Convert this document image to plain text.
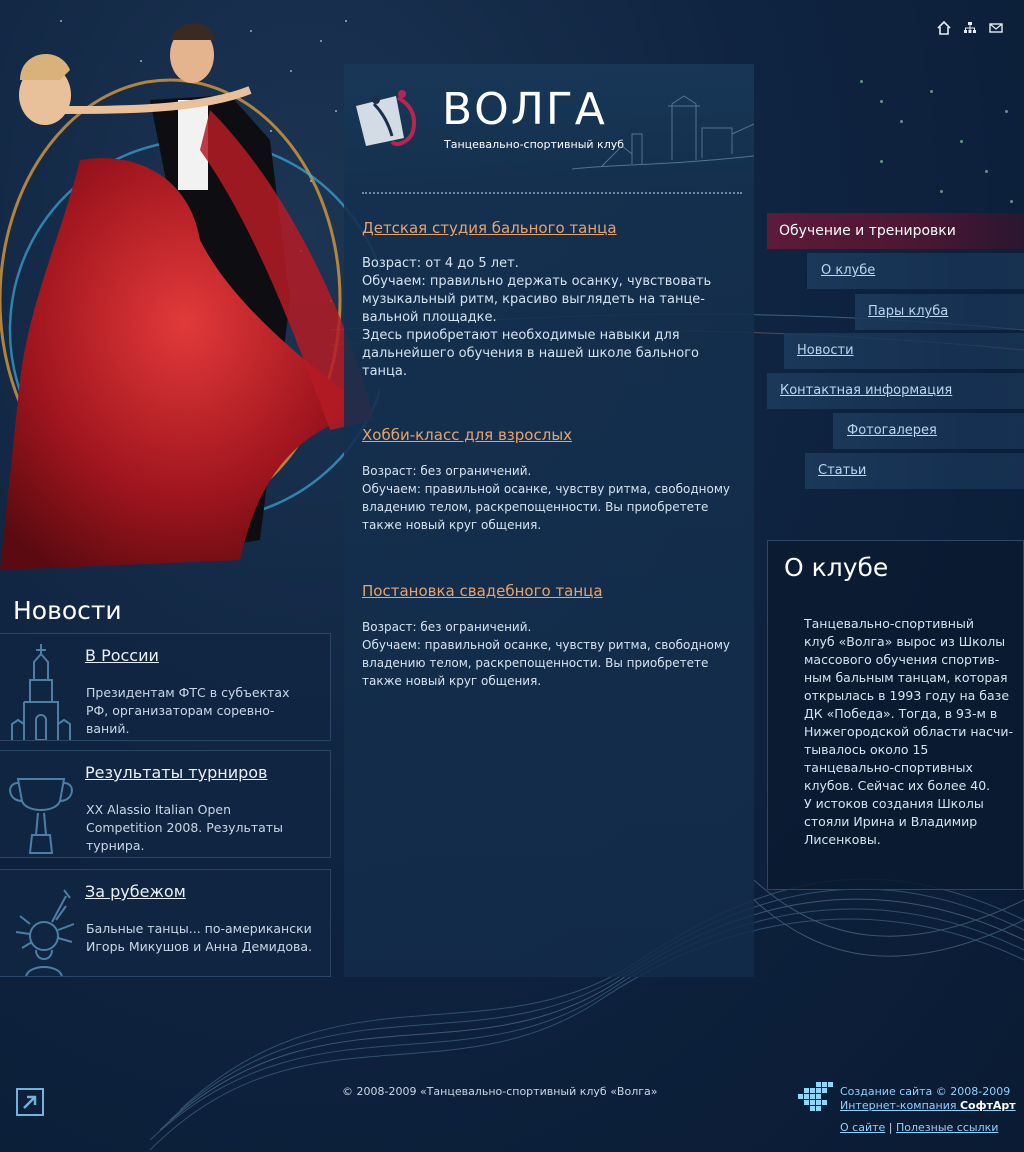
ВОЛГА
Танцевально-спортивный клуб
Детская студия бального танца

Возраст: от 4 до 5 лет.
Обучаем: правильно держать осанку, чувствовать
музыкальный ритм, красиво выглядеть на танце-
вальной площадке.
Здесь приобретают необходимые навыки для
дальнейшего обучения в нашей школе бального
танца.

Хобби-класс для взрослых

Возраст: без ограничений.
Обучаем: правильной осанке, чувству ритма, свободному
владению телом, раскрепощенности. Вы приобретете
также новый круг общения.

Постановка свадебного танца

Возраст: без ограничений.
Обучаем: правильной осанке, чувству ритма, свободному
владению телом, раскрепощенности. Вы приобретете
также новый круг общения.

Обучение и тренировки
О клубе
Пары клуба
Новости
Контактная информация
Фотогалерея
Статьи
О клубе

Танцевально-спортивный
клуб «Волга» вырос из Школы
массового обучения спортив-
ным бальным танцам, которая
открылась в 1993 году на базе
ДК «Победа». Тогда, в 93-м в
Нижегородской области насчи-
тывалось около 15
танцевально-спортивных
клубов. Сейчас их более 40.
У истоков создания Школы
стояли Ирина и Владимир
Лисенковы.

Новости
В России
Президентам ФТС в субъектах
РФ, организаторам соревно-
ваний.
Результаты турниров
XX Alassio Italian Open
Competition 2008. Результаты
турнира.
За рубежом
Бальные танцы... по-американски
Игорь Микушов и Анна Демидова.
© 2008-2009 «Танцевально-спортивный клуб «Волга»	Создание сайта © 2008-2009
Интернет-компания СофтАрт
О сайте | Полезные ссылки
